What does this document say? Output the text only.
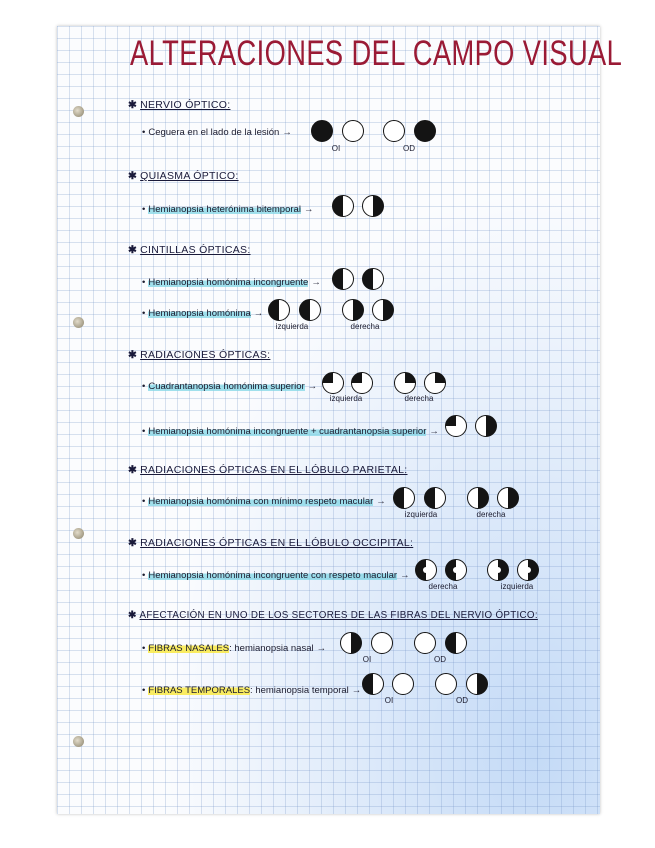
ALTERACIONES DEL CAMPO VISUAL
✱ NERVIO ÓPTICO:
• Ceguera en el lado de la lesión →
OI	OD
✱ QUIASMA ÓPTICO:
• Hemianopsia heterónima bitemporal →
✱ CINTILLAS ÓPTICAS:
• Hemianopsia homónima incongruente →
• Hemianopsia homónima →
izquierda	derecha
✱ RADIACIONES ÓPTICAS:
• Cuadrantanopsia homónima superior →
izquierda	derecha
• Hemianopsia homónima incongruente + cuadrantanopsia superior →
✱ RADIACIONES ÓPTICAS EN EL LÓBULO PARIETAL:
• Hemianopsia homónima con mínimo respeto macular →
izquierda	derecha
✱ RADIACIONES ÓPTICAS EN EL LÓBULO OCCIPITAL:
• Hemianopsia homónima incongruente con respeto macular →
derecha	izquierda
✱ AFECTACIÓN EN UNO DE LOS SECTORES DE LAS FIBRAS DEL NERVIO ÓPTICO:
• FIBRAS NASALES: hemianopsia nasal →
OI	OD
• FIBRAS TEMPORALES: hemianopsia temporal →
OI	OD
